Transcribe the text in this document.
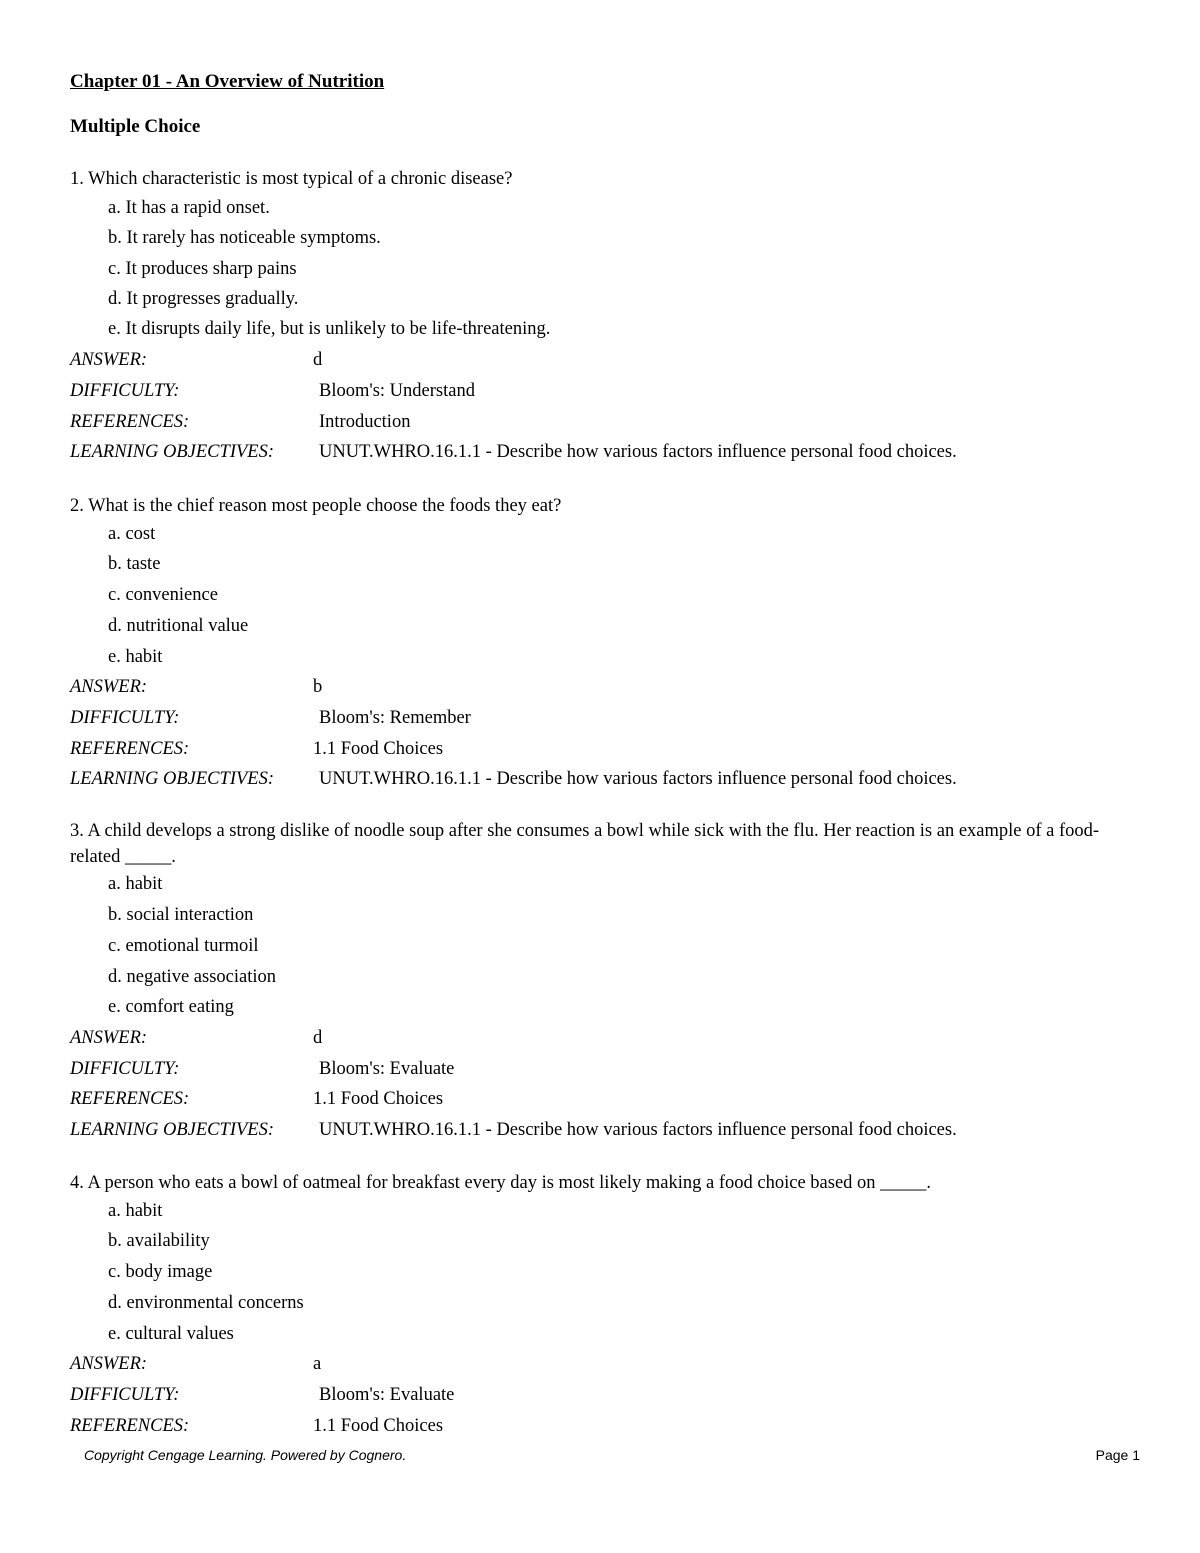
Chapter 01 - An Overview of Nutrition
Multiple Choice
1. Which characteristic is most typical of a chronic disease?
a. It has a rapid onset.
b. It rarely has noticeable symptoms.
c. It produces sharp pains
d. It progresses gradually.
e. It disrupts daily life, but is unlikely to be life-threatening.
ANSWER:	d
DIFFICULTY:	Bloom's: Understand
REFERENCES:	Introduction
LEARNING OBJECTIVES: UNUT.WHRO.16.1.1 - Describe how various factors influence personal food choices.
2. What is the chief reason most people choose the foods they eat?
a. cost
b. taste
c. convenience
d. nutritional value
e. habit
ANSWER:	b
DIFFICULTY:	Bloom's: Remember
REFERENCES:	1.1 Food Choices
LEARNING OBJECTIVES: UNUT.WHRO.16.1.1 - Describe how various factors influence personal food choices.
3. A child develops a strong dislike of noodle soup after she consumes a bowl while sick with the flu. Her reaction is an example of a food-related _____.
a. habit
b. social interaction
c. emotional turmoil
d. negative association
e. comfort eating
ANSWER:	d
DIFFICULTY:	Bloom's: Evaluate
REFERENCES:	1.1 Food Choices
LEARNING OBJECTIVES: UNUT.WHRO.16.1.1 - Describe how various factors influence personal food choices.
4. A person who eats a bowl of oatmeal for breakfast every day is most likely making a food choice based on _____.
a. habit
b. availability
c. body image
d. environmental concerns
e. cultural values
ANSWER:	a
DIFFICULTY:	Bloom's: Evaluate
REFERENCES:	1.1 Food Choices
Copyright Cengage Learning. Powered by Cognero.	Page 1
